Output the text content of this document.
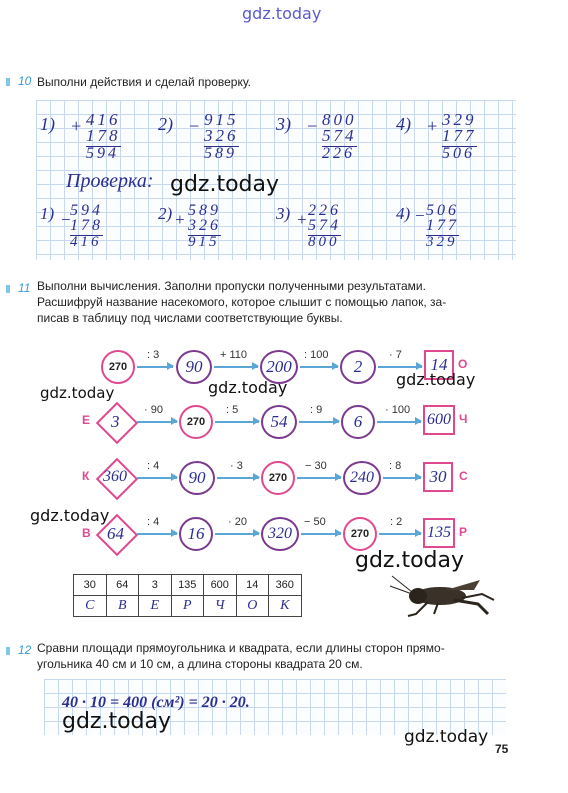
gdz.today
10 Выполни действия и сделай проверку.
1) + 416
178
594
2) − 915
326
589
3) − 800
574
226
4) + 329
177
506
Проверка: gdz.today
1) −
594
178
416
2) + 589
326
915
3) + 226
574
800
4) − 506
177
329
11 Выполни вычисления. Заполни пропуски полученными результатами.
Расшифруй название насекомого, которое слышит с помощью лапок, за-
писав в таблицу под числами соответствующие буквы.
270
: 3
90
+ 110
200
: 100
2
· 7 14 О
Е 3
· 90
270
: 5
54
: 9
6
· 100
600 Ч
К 360
: 4
90
· 3
270
− 30
240
: 8
30 С
В 64
: 4
16
· 20
320
− 50
270
: 2
135 Р
gdz.today	gdz.today	gdz.today
gdz.today
gdz.today
30	64	3	135	600	14	360
С	В	Е	Р	Ч	О	К
12 Сравни площади прямоугольника и квадрата, если длины сторон прямо-
угольника 40 см и 10 см, а длина стороны квадрата 20 см.
40 · 10 = 400 (см²) = 20 · 20.
gdz.today
gdz.today
75
